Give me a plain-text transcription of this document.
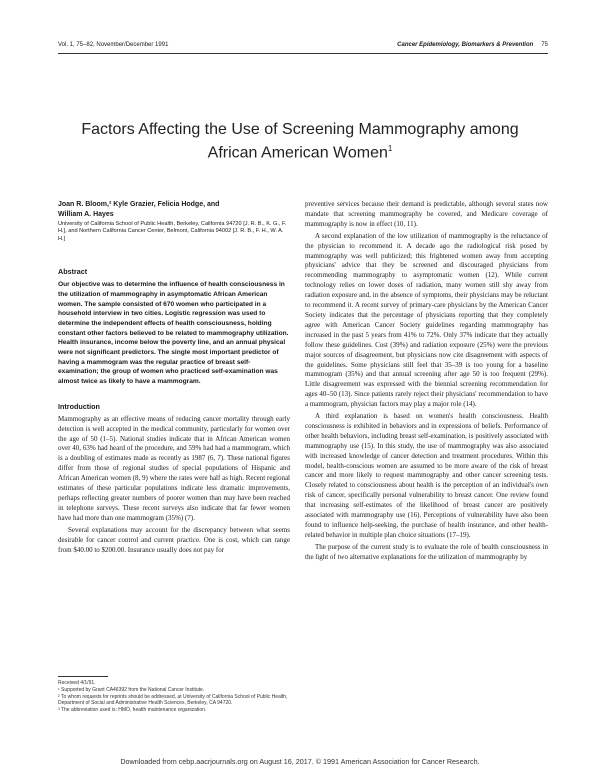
Vol. 1, 75–82, November/December 1991	Cancer Epidemiology, Biomarkers & Prevention 75
Factors Affecting the Use of Screening Mammography among
African American Women$^1$
Joan R. Bloom,² Kyle Grazier, Felicia Hodge, and
William A. Hayes
University of California School of Public Health, Berkeley, California 94720 [J. R. B., K. G., F. H.], and Northern California Cancer Center, Belmont, California 94002 [J. R. B., F. H., W. A. H.]
Abstract
Our objective was to determine the influence of health consciousness in the utilization of mammography in asymptomatic African American women. The sample consisted of 670 women who participated in a household interview in two cities. Logistic regression was used to determine the independent effects of health consciousness, holding constant other factors believed to be related to mammography utilization. Health insurance, income below the poverty line, and an annual physical were not significant predictors. The single most important predictor of having a mammogram was the regular practice of breast self-examination; the group of women who practiced self-examination was almost twice as likely to have a mammogram.
Introduction

Mammography as an effective means of reducing cancer mortality through early detection is well accepted in the medical community, particularly for women over the age of 50 (1–5). National studies indicate that in African American women over 40, 63% had heard of the procedure, and 59% had had a mammogram, which is a doubling of estimates made as recently as 1987 (6, 7). These national figures differ from those of regional studies of special populations of Hispanic and African American women (8, 9) where the rates were half as high. Recent regional estimates of these particular populations indicate less dramatic improvements, perhaps reflecting greater numbers of poorer women than may have been reached in telephone surveys. These recent surveys also indicate that far fewer women have had more than one mammogram (35%) (7).

Several explanations may account for the discrepancy between what seems desirable for cancer control and current practice. One is cost, which can range from $40.00 to $200.00. Insurance usually does not pay for

preventive services because their demand is predictable, although several states now mandate that screening mammography be covered, and Medicare coverage of mammography is now in effect (10, 11).

A second explanation of the low utilization of mammography is the reluctance of the physician to recommend it. A decade ago the radiological risk posed by mammography was well publicized; this frightened women away from accepting physicians' advice that they be screened and discouraged physicians from recommending mammography to asymptomatic women (12). While current technology relies on lower doses of radiation, many women still shy away from radiation exposure and, in the absence of symptoms, their physicians may be reluctant to recommend it. A recent survey of primary-care physicians by the American Cancer Society indicates that the percentage of physicians reporting that they completely agree with American Cancer Society guidelines regarding mammography has increased in the past 5 years from 41% to 72%. Only 37% indicate that they actually follow these guidelines. Cost (39%) and radiation exposure (25%) were the previous major sources of disagreement, but physicians now cite disagreement with aspects of the guidelines. Some physicians still feel that 35–39 is too young for a baseline mammogram (35%) and that annual screening after age 50 is too frequent (29%). Little disagreement was expressed with the biennial screening recommendation for ages 40–50 (13). Since patients rarely reject their physicians' recommendation to have a mammogram, physician factors may play a major role (14).

A third explanation is based on women's health consciousness. Health consciousness is exhibited in behaviors and in expressions of beliefs. Performance of other health behaviors, including breast self-examination, is positively associated with mammography use (15). In this study, the use of mammography was also associated with increased knowledge of cancer detection and treatment procedures. Within this model, health-conscious women are assumed to be more aware of the risk of breast cancer and more likely to request mammography and other cancer screening tests. Closely related to consciousness about health is the perception of an individual's own risk of cancer, specifically personal vulnerability to breast cancer. One review found that increasing self-estimates of the likelihood of breast cancer are positively associated with mammography use (16). Perceptions of vulnerability have also been found to influence help-seeking, the purchase of health insurance, and other health-related behavior in multiple plan choice situations (17–19).

The purpose of the current study is to evaluate the role of health consciousness in the light of two alternative explanations for the utilization of mammography by

Received 4/1/91.
¹ Supported by Grant CA46392 from the National Cancer Institute.
² To whom requests for reprints should be addressed, at University of California School of Public Health, Department of Social and Administrative Health Sciences, Berkeley, CA 94720.
³ The abbreviation used is: HMO, health maintenance organization.
Downloaded from cebp.aacrjournals.org on August 16, 2017. © 1991 American Association for Cancer Research.
